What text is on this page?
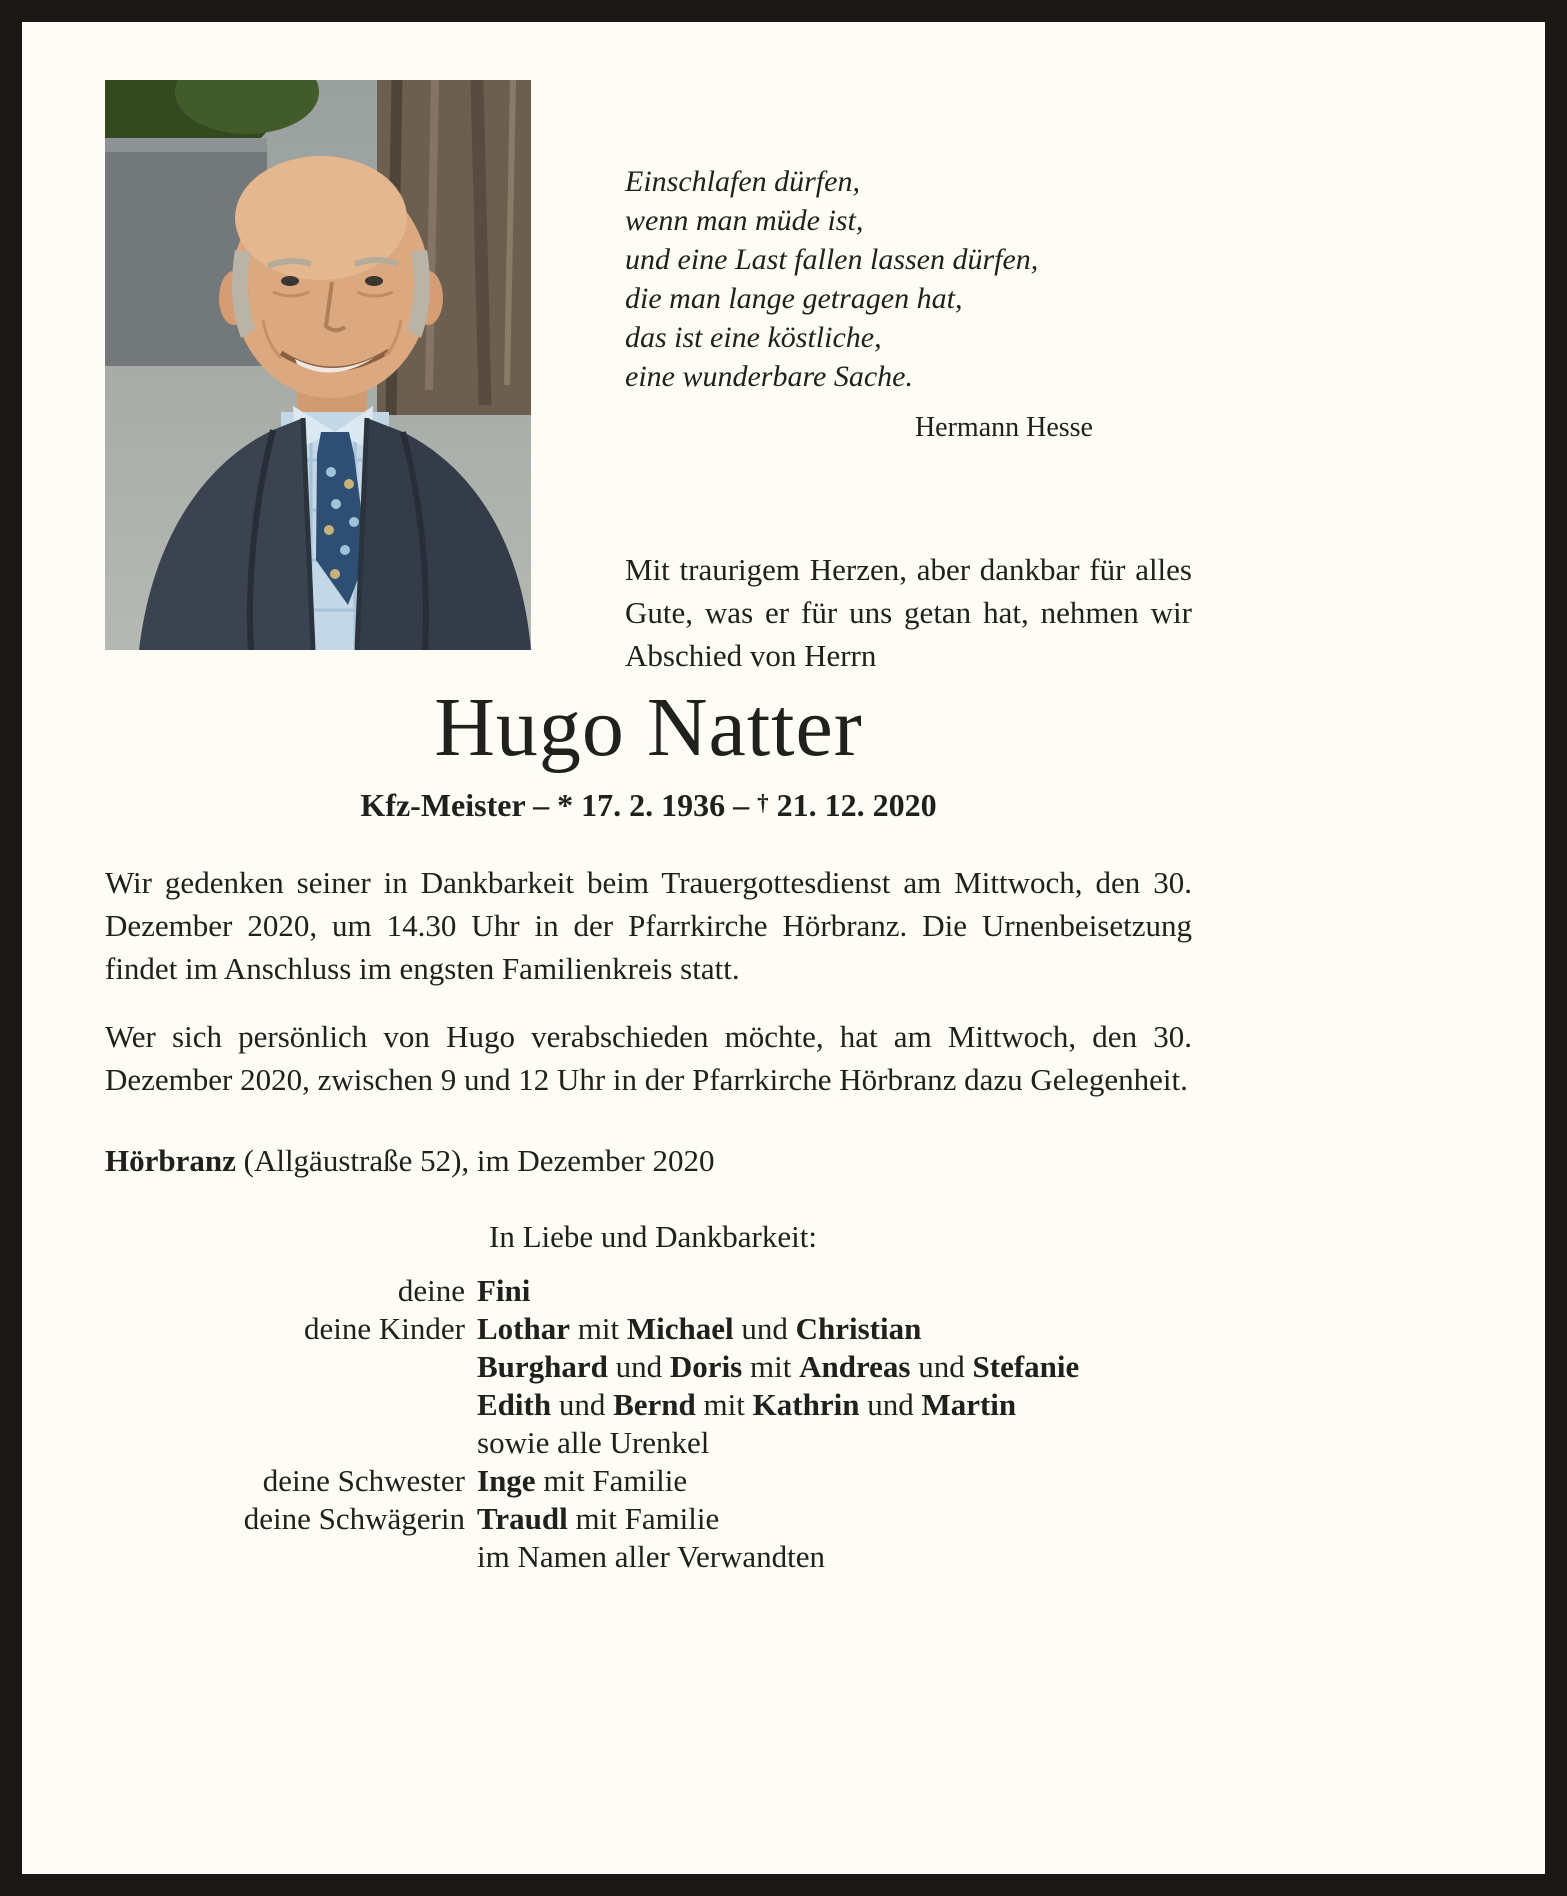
Einschlafen dürfen,
wenn man müde ist,
und eine Last fallen lassen dürfen,
die man lange getragen hat,
das ist eine köstliche,
eine wunderbare Sache.
Hermann Hesse
Mit traurigem Herzen, aber dankbar für alles Gute, was er für uns getan hat, nehmen wir Abschied von Herrn
Hugo Natter
Kfz-Meister – * 17. 2. 1936 – † 21. 12. 2020

Wir gedenken seiner in Dankbarkeit beim Trauergottesdienst am Mittwoch, den 30. Dezember 2020, um 14.30 Uhr in der Pfarrkirche Hörbranz. Die Urnenbeisetzung findet im Anschluss im engsten Familienkreis statt.

Wer sich persönlich von Hugo verabschieden möchte, hat am Mittwoch, den 30. Dezember 2020, zwischen 9 und 12 Uhr in der Pfarrkirche Hörbranz dazu Gelegenheit.

Hörbranz (Allgäustraße 52), im Dezember 2020

In Liebe und Dankbarkeit:
deine Fini
deine Kinder Lothar mit Michael und Christian
Burghard und Doris mit Andreas und Stefanie
Edith und Bernd mit Kathrin und Martin
sowie alle Urenkel
deine Schwester Inge mit Familie
deine Schwägerin Traudl mit Familie
im Namen aller Verwandten
